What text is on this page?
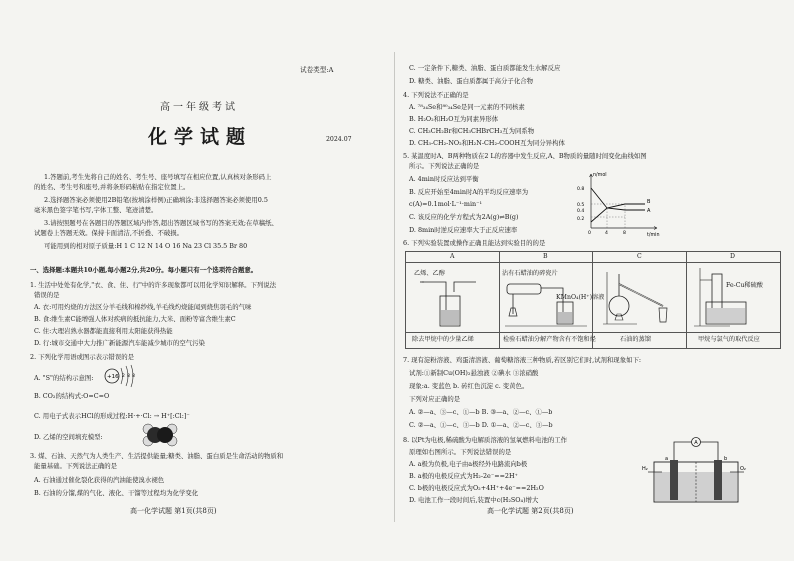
试卷类型:A
高一年级考试
化学试题	2024.07
1.答题前,考生先将自己的姓名、考生号、座号填写在相应位置,认真核对条形码上
的姓名、考生号和座号,并将条形码粘贴在指定位置上。
2.选择题答案必须使用2B铅笔(按填涂样例)正确填涂;非选择题答案必须使用0.5
毫米黑色签字笔书写,字体工整、笔迹清楚。
3.请按照题号在各题目的答题区域内作答,超出答题区域书写的答案无效;在草稿纸、
试题卷上答题无效。保持卡面清洁,不折叠、不破损。
可能用到的相对原子质量:H 1 C 12 N 14 O 16 Na 23 Cl 35.5 Br 80
一、选择题:本题共10小题,每小题2分,共20分。每小题只有一个选项符合题意。
1. 生活中处处有化学,"衣、食、住、行"中的许多现象都可以用化学知识解释。下列说法
错误的是
A. 衣:可用灼烧的方法区分羊毛线和棉纱线,羊毛线灼烧能闻到烧焦羽毛的气味
B. 食:维生素C能增强人体对疾病的抵抗能力,大米、面粉等富含维生素C
C. 住:大理岩熟水器都能直接利用太阳能获得热能
D. 行:城市交通中大力推广新能源汽车能减少城市的空气污染
2. 下列化学用语或图示表示错误的是
A. "S"的结构示意图: +16 2 8 8
B. CO₂的结构式:O=C=O
C. 用电子式表示HCl的形成过程:H·+·Cl: → H⁺[:Cl:]⁻
D. 乙烯的空间填充模型:
3. 煤、石油、天然气为人类生产、生活提供能量;糖类、油脂、蛋白质是生命活动的物质和
能量基础。下列说法正确的是
A. 石油通过催化裂化获得的汽油能使溴水褪色
B. 石油的分馏,煤的气化、液化、干馏等过程均为化学变化
高一化学试题 第1页(共8页)
C. 一定条件下,糖类、油脂、蛋白质都能发生水解反应
D. 糖类、油脂、蛋白质都属于高分子化合物
4. 下列说法不正确的是
A. ⁷⁸₃₄Se和⁸⁰₃₄Se是同一元素的不同核素
B. H₂O₂和H₂O互为同素异形体
C. CH₃CH₂Br和CH₃CHBrCH₃互为同系物
D. CH₃-CH₂-NO₂和H₂N-CH₂-COOH互为同分异构体
5. 某温度时A、B两种物质在2 L的容器中发生反应,A、B物质的量随时间变化曲线如图
所示。下列说法正确的是
A. 4min时反应达到平衡
B. 反应开始至4min时A的平均反应速率为
c(A)=0.1mol·L⁻¹·min⁻¹
C. 该反应的化学方程式为2A(g)⇌B(g)
D. 8min时逆反应速率大于正反应速率
n/mol
t/min
0.8
0.5
0.4
0.2
0	4	8
A
B
6. 下列实验装置或操作正确且能达到实验目的的是
A	B	C	D
乙烯、乙醇	沾有石蜡油的碎瓷片
KMnO₄(H⁺)溶液
Fe-Cu稀硫酸
除去甲烷中的少量乙烯	检验石蜡油分解产物含有不饱和烃	石油的蒸馏	甲烷与氯气的取代反应
7. 现有淀粉溶液、鸡蛋清溶液、葡萄糖溶液三种物质,若区别它们时,试剂和现象如下:
试剂:①新制Cu(OH)₂悬浊液 ②碘水 ③浓硝酸
现象:a. 变蓝色 b. 砖红色沉淀 c. 变黄色。
下列对应正确的是
A. ②—a、③—c、①—b B. ③—a、②—c、①—b
C. ②—a、①—c、③—b D. ①—a、②—c、③—b
8. 以Pt为电极,稀硫酸为电解质溶液的氢氧燃料电池的工作
原理如右图所示。下列说法错误的是
A. a极为负极,电子由a极经外电路流向b极
B. a极的电极反应式为H₂-2e⁻==2H⁺
C. b极的电极反应式为O₂+4H⁺+4e⁻==2H₂O
D. 电池工作一段时间后,装置中c(H₂SO₄)增大
A
H₂	O₂
a	b
高一化学试题 第2页(共8页)
